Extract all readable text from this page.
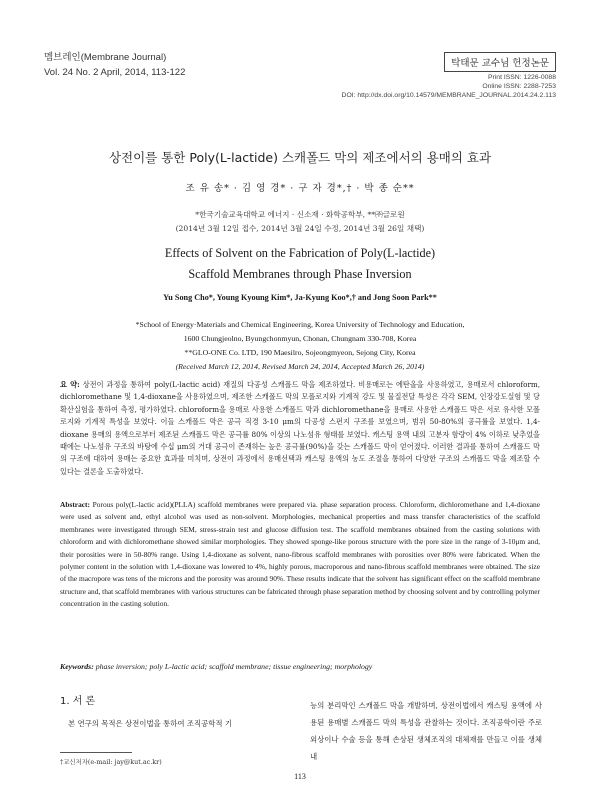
멤브레인(Membrane Journal)
Vol. 24 No. 2 April, 2014, 113-122
탁태문 교수님 헌정논문
Print ISSN: 1226-0088
Online ISSN: 2288-7253
DOI: http://dx.doi.org/10.14579/MEMBRANE_JOURNAL.2014.24.2.113
상전이를 통한 Poly(L-lactide) 스캐폴드 막의 제조에서의 용매의 효과
조 유 송* · 김 영 경* · 구 자 경*,† · 박 종 순**
*한국기술교육대학교 에너지 · 신소재 · 화학공학부, **㈜글로원
(2014년 3월 12일 접수, 2014년 3월 24일 수정, 2014년 3월 26일 채택)
Effects of Solvent on the Fabrication of Poly(L-lactide)
Scaffold Membranes through Phase Inversion
Yu Song Cho*, Young Kyoung Kim*, Ja-Kyung Koo*,† and Jong Soon Park**
*School of Energy·Materials and Chemical Engineering, Korea University of Technology and Education,
1600 Chungjeolno, Byungchonmyun, Chonan, Chungnam 330-708, Korea
**GLO-ONE Co. LTD, 190 Maesilro, Sojeongmyeon, Sejong City, Korea
(Received March 12, 2014, Revised March 24, 2014, Accepted March 26, 2014)
요 약: 상전이 과정을 통하여 poly(L-lactic acid) 재질의 다공성 스캐폴드 막을 제조하였다. 비용매로는 에탄올을 사용하였고, 용매로서 chloroform, dichloromethane 및 1,4-dioxane을 사용하였으며, 제조한 스캐폴드 막의 모폴로지와 기계적 강도 및 물질전달 특성은 각각 SEM, 인장강도실험 및 당 확산실험을 통하여 측정, 평가하였다. chloroform을 용매로 사용한 스캐폴드 막과 dichloromethane을 용매로 사용한 스캐폴드 막은 서로 유사한 모폴로지와 기계적 특성을 보였다. 이들 스캐폴드 막은 공극 직경 3-10 μm의 다공성 스펀지 구조를 보였으며, 범위 50-80%의 공극률을 보였다. 1,4-dioxane 용매의 용액으로부터 제조된 스캐폴드 막은 공극률 80% 이상의 나노섬유 형태를 보였다. 캐스팅 용액 내의 고분자 함량이 4% 이하로 낮추었을 때에는 나노섬유 구조의 바탕에 수십 μm의 거대 공극이 존재하는 높은 공극률(90%)을 갖는 스캐폴드 막이 얻어졌다. 이러한 결과를 통하여 스캐폴드 막의 구조에 대하여 용매는 중요한 효과를 미치며, 상전이 과정에서 용매선택과 캐스팅 용액의 농도 조절을 통하여 다양한 구조의 스캐폴드 막을 제조할 수 있다는 결론을 도출하였다.
Abstract: Porous poly(L-lactic acid)(PLLA) scaffold membranes were prepared via. phase separation process. Chloroform, dichloromethane and 1,4-dioxane were used as solvent and, ethyl alcohol was used as non-solvent. Morphologies, mechanical properties and mass transfer characteristics of the scaffold membranes were investigated through SEM, stress-strain test and glucose diffusion test. The scaffold membranes obtained from the casting solutions with chloroform and with dichloromethane showed similar morphologies. They showed sponge-like porous structure with the pore size in the range of 3-10μm and, their porosities were in 50-80% range. Using 1,4-dioxane as solvent, nano-fibrous scaffold membranes with porosities over 80% were fabricated. When the polymer content in the solution with 1,4-dioxane was lowered to 4%, highly porous, macroporous and nano-fibrous scaffold membranes were obtained. The size of the macropore was tens of the microns and the porosity was around 90%. These results indicate that the solvent has significant effect on the scaffold membrane structure and, that scaffold membranes with various structures can be fabricated through phase separation method by choosing solvent and by controlling polymer concentration in the casting solution.
Keywords: phase inversion; poly L-lactic acid; scaffold membrane; tissue engineering; morphology
1. 서 론
본 연구의 목적은 상전이법을 통하여 조직공학적 기
†교신저자(e-mail: jay@kut.ac.kr)
능의 분리막인 스캐폴드 막을 개발하며, 상전이법에서 캐스팅 용액에 사용된 용매별 스캐폴드 막의 특성을 관찰하는 것이다. 조직공학이란 주로 외상이나 수술 등을 통해 손상된 생체조직의 대체재를 만들고 이를 생체 내
113
